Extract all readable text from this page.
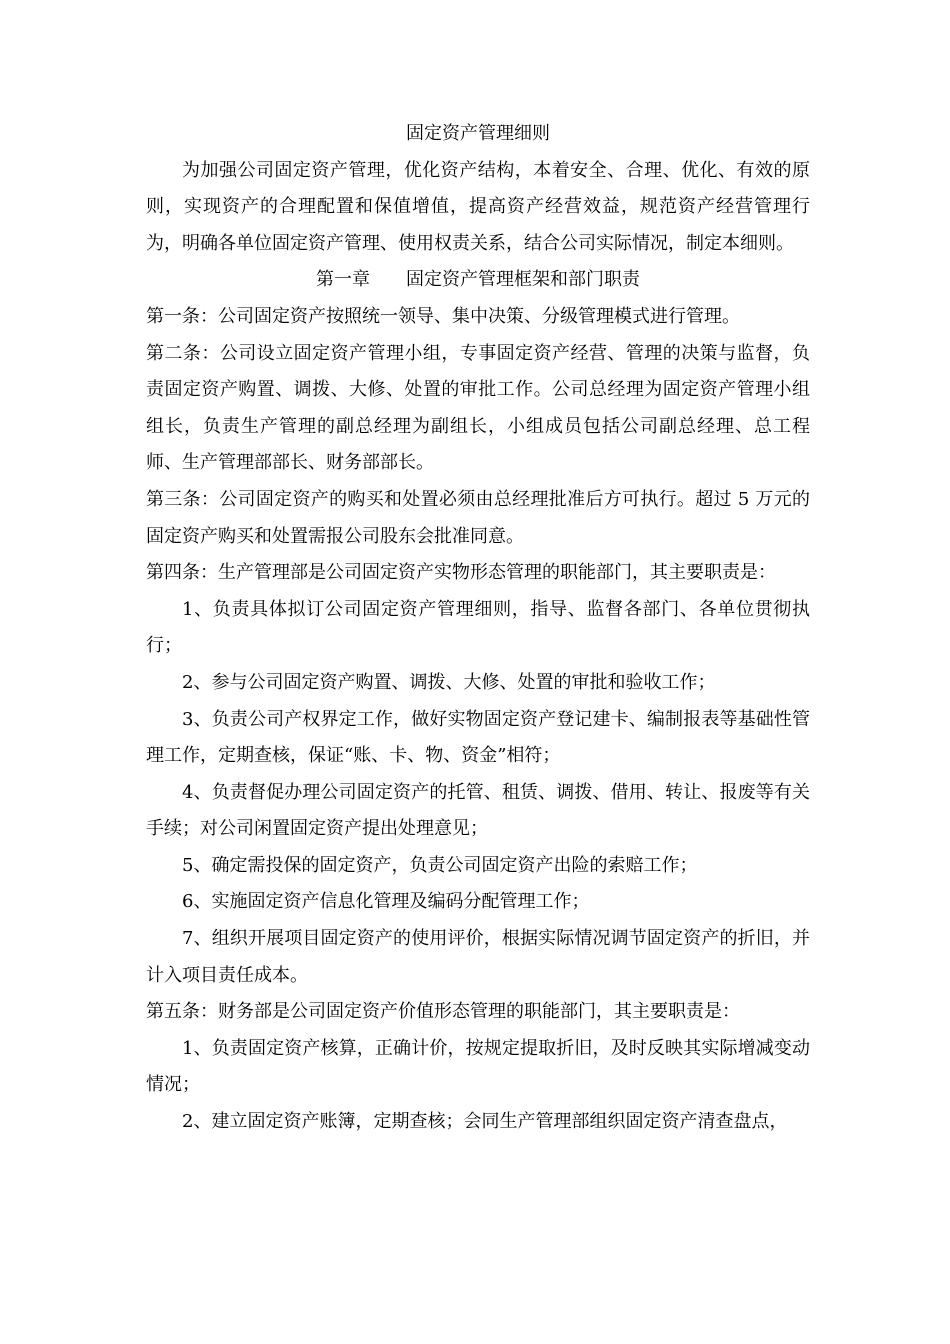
固定资产管理细则

为加强公司固定资产管理，优化资产结构，本着安全、合理、优化、有效的原则，实现资产的合理配置和保值增值，提高资产经营效益，规范资产经营管理行为，明确各单位固定资产管理、使用权责关系，结合公司实际情况，制定本细则。

第一章 固定资产管理框架和部门职责

第一条：公司固定资产按照统一领导、集中决策、分级管理模式进行管理。

第二条：公司设立固定资产管理小组，专事固定资产经营、管理的决策与监督，负责固定资产购置、调拨、大修、处置的审批工作。公司总经理为固定资产管理小组组长，负责生产管理的副总经理为副组长，小组成员包括公司副总经理、总工程师、生产管理部部长、财务部部长。

第三条：公司固定资产的购买和处置必须由总经理批准后方可执行。超过 5 万元的固定资产购买和处置需报公司股东会批准同意。

第四条：生产管理部是公司固定资产实物形态管理的职能部门，其主要职责是：

1、负责具体拟订公司固定资产管理细则，指导、监督各部门、各单位贯彻执行；

2、参与公司固定资产购置、调拨、大修、处置的审批和验收工作；

3、负责公司产权界定工作，做好实物固定资产登记建卡、编制报表等基础性管理工作，定期查核，保证“账、卡、物、资金”相符；

4、负责督促办理公司固定资产的托管、租赁、调拨、借用、转让、报废等有关手续；对公司闲置固定资产提出处理意见；

5、确定需投保的固定资产，负责公司固定资产出险的索赔工作；

6、实施固定资产信息化管理及编码分配管理工作；

7、组织开展项目固定资产的使用评价，根据实际情况调节固定资产的折旧，并计入项目责任成本。

第五条：财务部是公司固定资产价值形态管理的职能部门，其主要职责是：

1、负责固定资产核算，正确计价，按规定提取折旧，及时反映其实际增减变动情况；

2、建立固定资产账簿，定期查核；会同生产管理部组织固定资产清查盘点，
